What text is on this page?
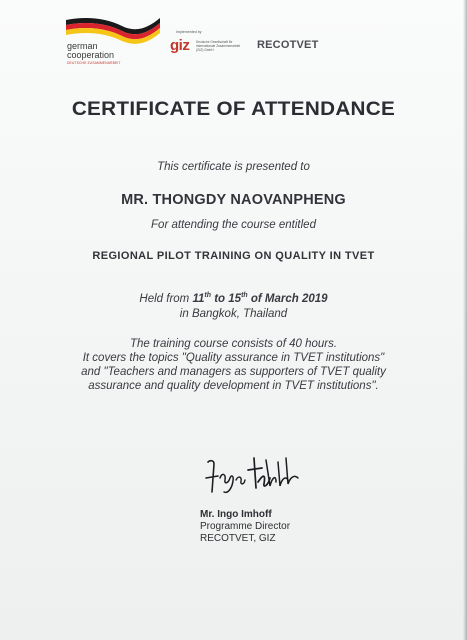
german
cooperation
DEUTSCHE ZUSAMMENARBEIT
Implemented by
giz Deutsche Gesellschaft für Internationale Zusammenarbeit (GIZ) GmbH	RECOTVET
CERTIFICATE OF ATTENDANCE
This certificate is presented to
MR. THONGDY NAOVANPHENG
For attending the course entitled
REGIONAL PILOT TRAINING ON QUALITY IN TVET
Held from 11th to 15th of March 2019
in Bangkok, Thailand
The training course consists of 40 hours.
It covers the topics "Quality assurance in TVET institutions"
and "Teachers and managers as supporters of TVET quality
assurance and quality development in TVET institutions".
Mr. Ingo Imhoff
Programme Director
RECOTVET, GIZ
